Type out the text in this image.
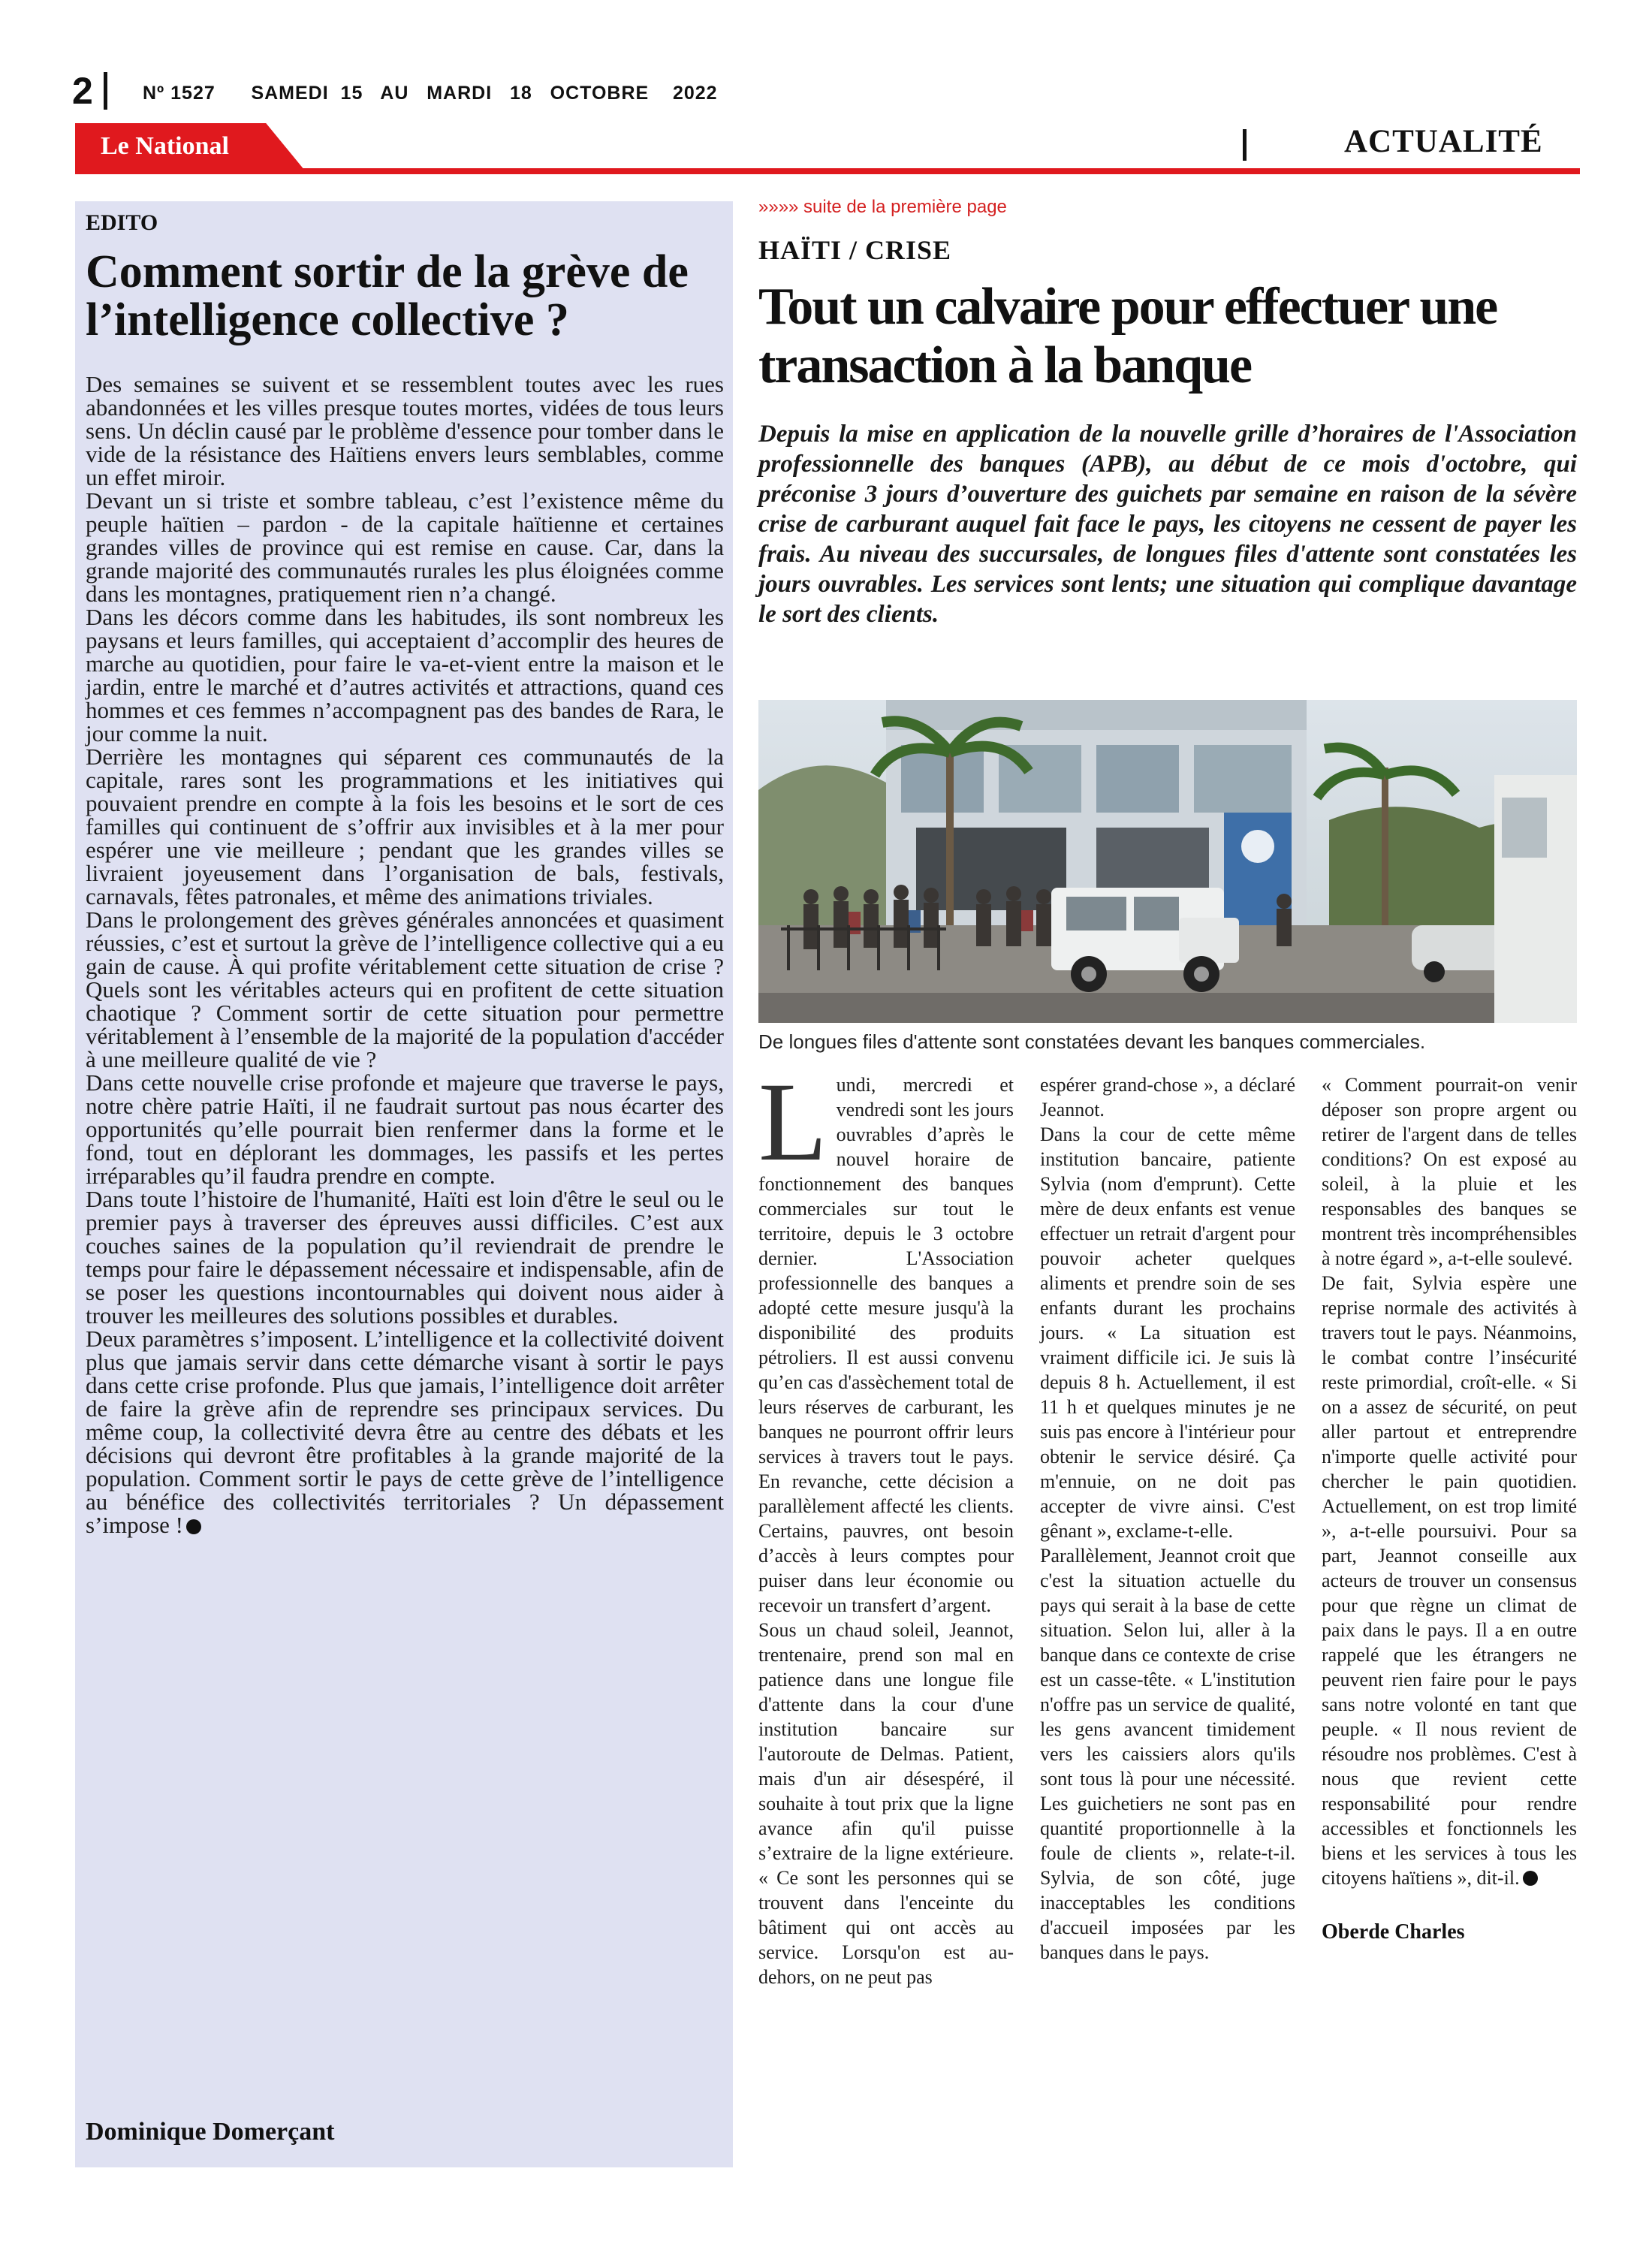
2	Nº 1527 SAMEDI  15   AU   MARDI   18   OCTOBRE    2022
Le National	ACTUALITÉ
EDITO
Comment sortir de la grève de l’intelligence collective ?

Des semaines se suivent et se ressemblent toutes avec les rues abandonnées et les villes presque toutes mortes, vidées de tous leurs sens. Un déclin causé par le problème d'essence pour tomber dans le vide de la résistance des Haïtiens envers leurs semblables, comme un effet miroir.

Devant un si triste et sombre tableau, c’est l’existence même du peuple haïtien – pardon - de la capitale haïtienne et certaines grandes villes de province qui est remise en cause. Car, dans la grande majorité des communautés rurales les plus éloignées comme dans les montagnes, pratiquement rien n’a changé.

Dans les décors comme dans les habitudes, ils sont nombreux les paysans et leurs familles, qui acceptaient d’accomplir des heures de marche au quotidien, pour faire le va-et-vient entre la maison et le jardin, entre le marché et d’autres activités et attractions, quand ces hommes et ces femmes n’accompagnent pas des bandes de Rara, le jour comme la nuit.

Derrière les montagnes qui séparent ces communautés de la capitale, rares sont les programmations et les initiatives qui pouvaient prendre en compte à la fois les besoins et le sort de ces familles qui continuent de s’offrir aux invisibles et à la mer pour espérer une vie meilleure ; pendant que les grandes villes se livraient joyeusement dans l’organisation de bals, festivals, carnavals, fêtes patronales, et même des animations triviales.

Dans le prolongement des grèves générales annoncées et quasiment réussies, c’est et surtout la grève de l’intelligence collective qui a eu gain de cause. À qui profite véritablement cette situation de crise ? Quels sont les véritables acteurs qui en profitent de cette situation chaotique ? Comment sortir de cette situation pour permettre véritablement à l’ensemble de la majorité de la population d'accéder à une meilleure qualité de vie ?

Dans cette nouvelle crise profonde et majeure que traverse le pays, notre chère patrie Haïti, il ne faudrait surtout pas nous écarter des opportunités qu’elle pourrait bien renfermer dans la forme et le fond, tout en déplorant les dommages, les passifs et les pertes irréparables qu’il faudra prendre en compte.

Dans toute l’histoire de l'humanité, Haïti est loin d'être le seul ou le premier pays à traverser des épreuves aussi difficiles. C’est aux couches saines de la population qu’il reviendrait de prendre le temps pour faire le dépassement nécessaire et indispensable, afin de se poser les questions incontournables qui doivent nous aider à trouver les meilleures des solutions possibles et durables.

Deux paramètres s’imposent. L’intelligence et la collectivité doivent plus que jamais servir dans cette démarche visant à sortir le pays dans cette crise profonde. Plus que jamais, l’intelligence doit arrêter de faire la grève afin de reprendre ses principaux services. Du même coup, la collectivité devra être au centre des débats et les décisions qui devront être profitables à la grande majorité de la population. Comment sortir le pays de cette grève de l’intelligence au bénéfice des collectivités territoriales ? Un dépassement s’impose !

Dominique Domerçant
»»»» suite de la première page
HAÏTI / CRISE
Tout un calvaire pour effectuer une transaction à la banque
Depuis la mise en application de la nouvelle grille d’horaires de l'Association professionnelle des banques (APB), au début de ce mois d'octobre, qui préconise 3 jours d’ouverture des guichets par semaine en raison de la sévère crise de carburant auquel fait face le pays, les citoyens ne cessent de payer les frais. Au niveau des succursales, de longues files d'attente sont constatées les jours ouvrables. Les services sont lents; une situation qui complique davantage le sort des clients.
De longues files d'attente sont constatées devant les banques commerciales.
L undi, mercredi et vendredi sont les jours ouvrables d’après le nouvel horaire de fonctionnement des banques commerciales sur tout le territoire, depuis le 3 octobre dernier. L'Association professionnelle des banques a adopté cette mesure jusqu'à la disponibilité des produits pétroliers. Il est aussi convenu qu’en cas d'assèchement total de leurs réserves de carburant, les banques ne pourront offrir leurs services à travers tout le pays. En revanche, cette décision a parallèlement affecté les clients. Certains, pauvres, ont besoin d’accès à leurs comptes pour puiser dans leur économie ou recevoir un transfert d’argent.

Sous un chaud soleil, Jeannot, trentenaire, prend son mal en patience dans une longue file d'attente dans la cour d'une institution bancaire sur l'autoroute de Delmas. Patient, mais d'un air désespéré, il souhaite à tout prix que la ligne avance afin qu'il puisse s’extraire de la ligne extérieure. « Ce sont les personnes qui se trouvent dans l'enceinte du bâtiment qui ont accès au service. Lorsqu'on est au-dehors, on ne peut pas

espérer grand-chose », a déclaré Jeannot.

Dans la cour de cette même institution bancaire, patiente Sylvia (nom d'emprunt). Cette mère de deux enfants est venue effectuer un retrait d'argent pour pouvoir acheter quelques aliments et prendre soin de ses enfants durant les prochains jours. « La situation est vraiment difficile ici. Je suis là depuis 8 h. Actuellement, il est 11 h et quelques minutes je ne suis pas encore à l'intérieur pour obtenir le service désiré. Ça m'ennuie, on ne doit pas accepter de vivre ainsi. C'est gênant », exclame-t-elle.

Parallèlement, Jeannot croit que c'est la situation actuelle du pays qui serait à la base de cette situation. Selon lui, aller à la banque dans ce contexte de crise est un casse-tête. « L'institution n'offre pas un service de qualité, les gens avancent timidement vers les caissiers alors qu'ils sont tous là pour une nécessité. Les guichetiers ne sont pas en quantité proportionnelle à la foule de clients », relate-t-il. Sylvia, de son côté, juge inacceptables les conditions d'accueil imposées par les banques dans le pays.

« Comment pourrait-on venir déposer son propre argent ou retirer de l'argent dans de telles conditions? On est exposé au soleil, à la pluie et les responsables des banques se montrent très incompréhensibles à notre égard », a-t-elle soulevé.

De fait, Sylvia espère une reprise normale des activités à travers tout le pays. Néanmoins, le combat contre l’insécurité reste primordial, croît-elle. « Si on a assez de sécurité, on peut aller partout et entreprendre n'importe quelle activité pour chercher le pain quotidien. Actuellement, on est trop limité », a-t-elle poursuivi. Pour sa part, Jeannot conseille aux acteurs de trouver un consensus pour que règne un climat de paix dans le pays. Il a en outre rappelé que les étrangers ne peuvent rien faire pour le pays sans notre volonté en tant que peuple. « Il nous revient de résoudre nos problèmes. C'est à nous que revient cette responsabilité pour rendre accessibles et fonctionnels les biens et les services à tous les citoyens haïtiens », dit-il.

Oberde Charles
